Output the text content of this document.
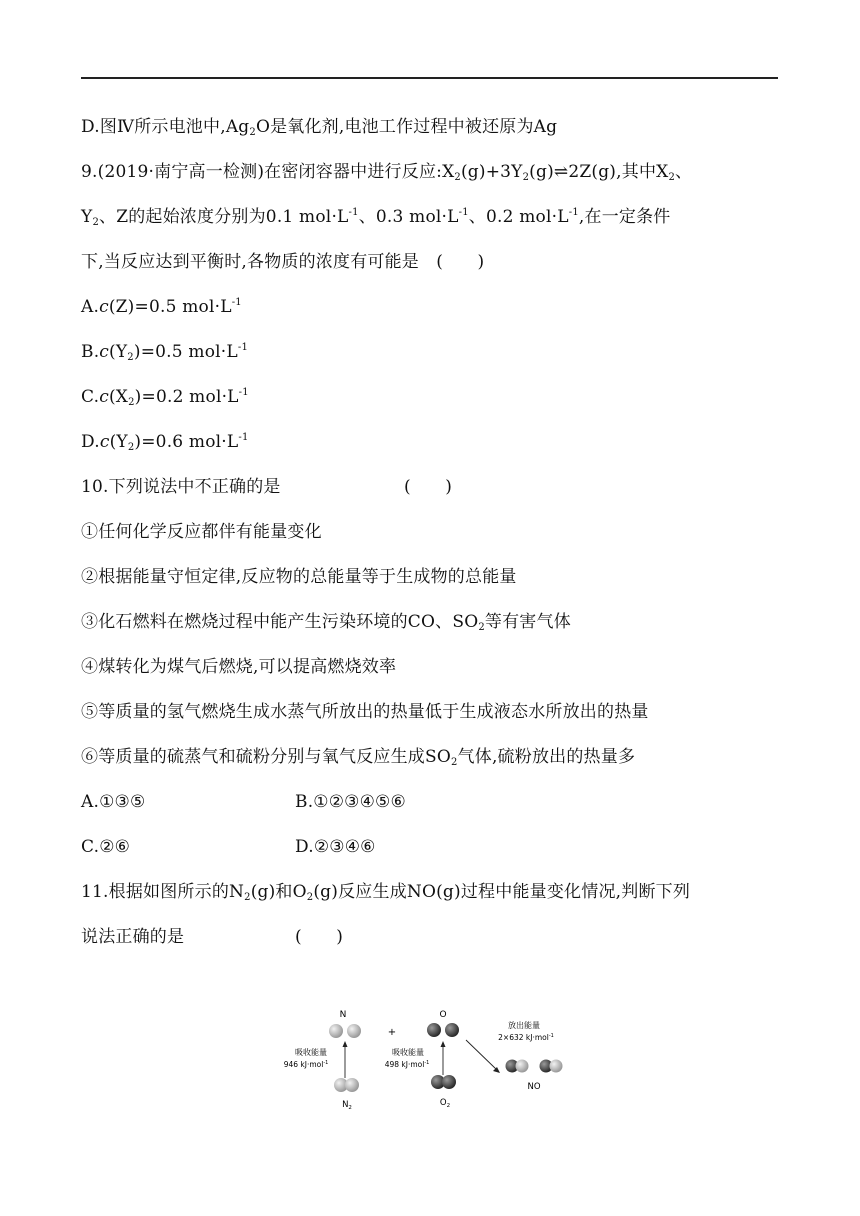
D.图Ⅳ所示电池中$,Ag_2O$是氧化剂,电池工作过程中被还原为Ag
9.(2019·南宁高一检测)在密闭容器中进行反应$:X_2(g)+3Y_2(g)\rightleftharpoons 2Z(g)$,其中$X_2$、
$Y_2$、Z的起始浓度分别为0.1 $mol\cdot L^{-1}$、0.3 $mol\cdot L^{-1}$、0.2 $mol\cdot L^{-1}$,在一定条件
下,当反应达到平衡时,各物质的浓度有可能是　(　　)
A.c(Z)=0.5 $mol\cdot L^{-1}$
$B.c(Y_2)=0.5$ $mol\cdot L^{-1}$
$C.c(X_2)=0.2$ $mol\cdot L^{-1}$
$D.c(Y_2)=0.6$ $mol\cdot L^{-1}$
10.下列说法中不正确的是	(　　)
①任何化学反应都伴有能量变化
②根据能量守恒定律,反应物的总能量等于生成物的总能量
③化石燃料在燃烧过程中能产生污染环境的CO、$SO_2$等有害气体
④煤转化为煤气后燃烧,可以提高燃烧效率
⑤等质量的氢气燃烧生成水蒸气所放出的热量低于生成液态水所放出的热量
⑥等质量的硫蒸气和硫粉分别与氧气反应生成$SO_2$气体,硫粉放出的热量多
A.①③⑤	B.①②③④⑤⑥
C.②⑥	D.②③④⑥
11.根据如图所示的$N_2(g)$和$O_2(g)$反应生成NO(g)过程中能量变化情况,判断下列
说法正确的是	(　　)
N
+
吸收能量
946 kJ·mol$^{-1}$
$N_2$
O
吸收能量
498 kJ·mol$^{-1}$
$O_2$
放出能量
2×632 kJ·mol$^{-1}$
NO
